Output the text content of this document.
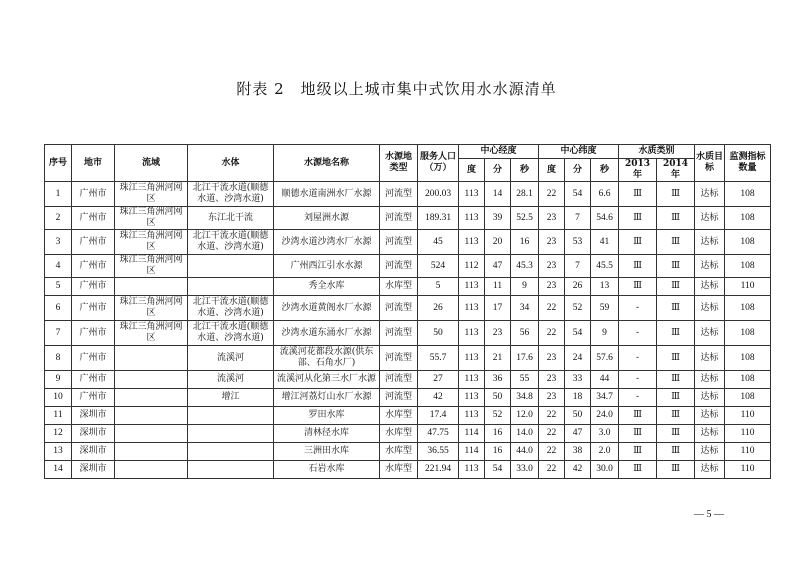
附表 2　地级以上城市集中式饮用水水源清单
序号	地市	流域	水体	水源地名称	水源地类型	服务人口（万）	中心经度			中心纬度			水质类别		水质目标	监测指标数量
							度	分	秒	度	分	秒	2013 年	2014 年		
1	广州市	珠江三角洲河网区	北江干流水道(顺德水道、沙湾水道)	顺德水道南洲水厂水源	河流型	200.03	113	14	28.1	22	54	6.6	Ⅲ	Ⅲ	达标	108
2	广州市	珠江三角洲河网区	东江北干流	刘屋洲水源	河流型	189.31	113	39	52.5	23	7	54.6	Ⅲ	Ⅲ	达标	108
3	广州市	珠江三角洲河网区	北江干流水道(顺德水道、沙湾水道)	沙湾水道沙湾水厂水源	河流型	45	113	20	16	23	53	41	Ⅲ	Ⅲ	达标	108
4	广州市	珠江三角洲河网区		广州西江引水水源	河流型	524	112	47	45.3	23	7	45.5	Ⅲ	Ⅲ	达标	108
5	广州市			秀全水库	水库型	5	113	11	9	23	26	13	Ⅲ	Ⅲ	达标	110
6	广州市	珠江三角洲河网区	北江干流水道(顺德水道、沙湾水道)	沙湾水道黄阁水厂水源	河流型	26	113	17	34	22	52	59	-	Ⅲ	达标	108
7	广州市	珠江三角洲河网区	北江干流水道(顺德水道、沙湾水道)	沙湾水道东涌水厂水源	河流型	50	113	23	56	22	54	9	-	Ⅲ	达标	108
8	广州市		流溪河	流溪河花都段水源(供东部、石角水厂)	河流型	55.7	113	21	17.6	23	24	57.6	-	Ⅲ	达标	108
9	广州市		流溪河	流溪河从化第三水厂水源	河流型	27	113	36	55	23	33	44	-	Ⅲ	达标	108
10	广州市		增江	增江河荔灯山水厂水源	河流型	42	113	50	34.8	23	18	34.7	-	Ⅲ	达标	108
11	深圳市			罗田水库	水库型	17.4	113	52	12.0	22	50	24.0	Ⅲ	Ⅲ	达标	110
12	深圳市			清林径水库	水库型	47.75	114	16	14.0	22	47	3.0	Ⅲ	Ⅲ	达标	110
13	深圳市			三洲田水库	水库型	36.55	114	16	44.0	22	38	2.0	Ⅲ	Ⅲ	达标	110
14	深圳市			石岩水库	水库型	221.94	113	54	33.0	22	42	30.0	Ⅲ	Ⅲ	达标	110
— 5 —
